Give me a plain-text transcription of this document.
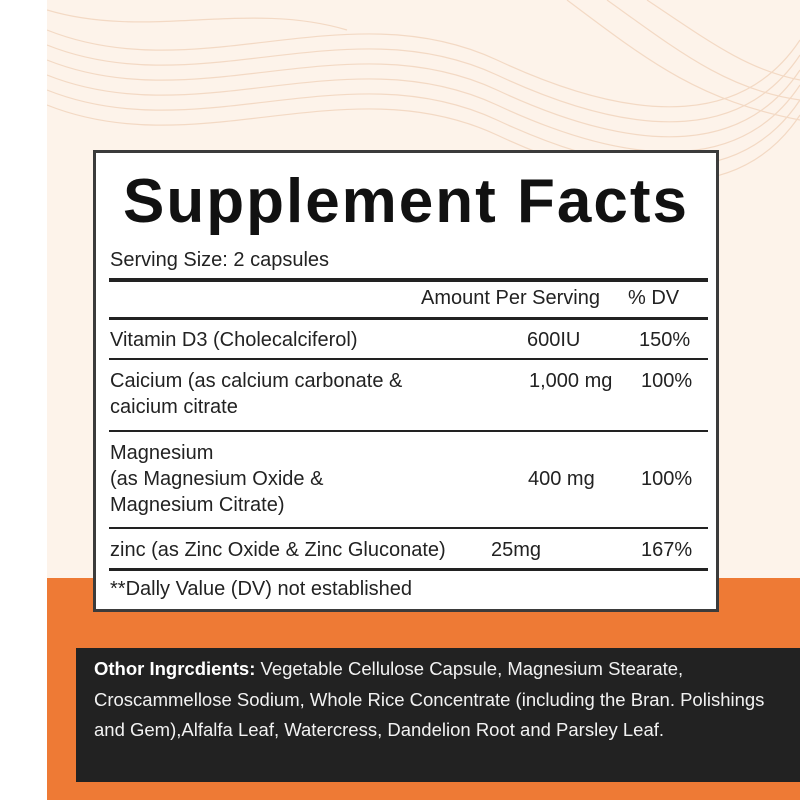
Supplement Facts
Serving Size: 2 capsules
Amount Per Serving % DV
Vitamin D3 (Cholecalciferol)	600IU	150%
Caicium (as calcium carbonate &
caicium citrate
1,000 mg 100%
Magnesium
(as Magnesium Oxide &
Magnesium Citrate)
400 mg 100%
zinc (as Zinc Oxide & Zinc Gluconate) 25mg	167%
**Dally Value (DV) not established
Othor Ingrcdients: Vegetable Cellulose Capsule, Magnesium Stearate, Croscammellose Sodium, Whole Rice Concentrate (including the Bran. Polishings and Gem),Alfalfa Leaf, Watercress, Dandelion Root and Parsley Leaf.
